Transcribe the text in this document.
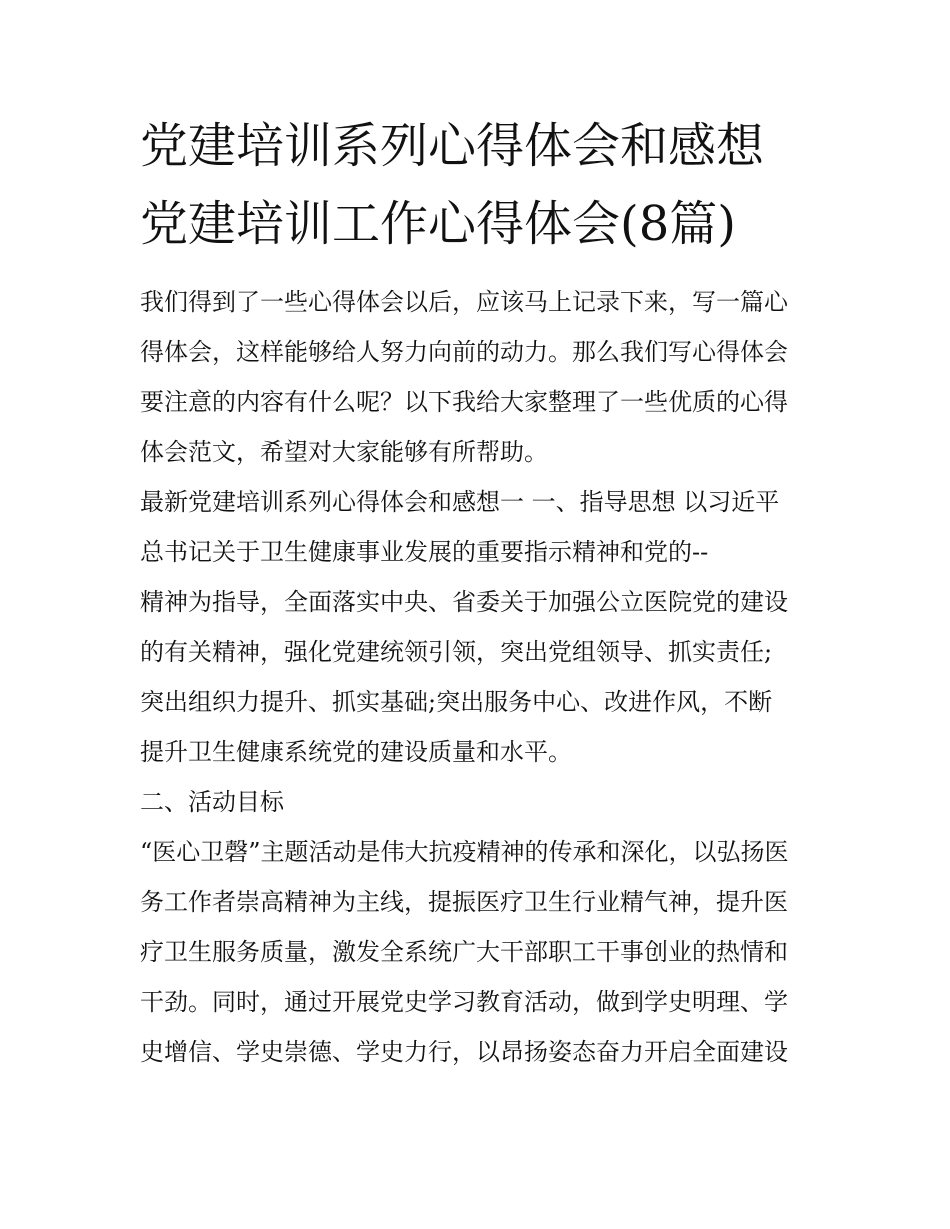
党建培训系列心得体会和感想
党建培训工作心得体会(8篇)
我们得到了一些心得体会以后，应该马上记录下来，写一篇心
得体会，这样能够给人努力向前的动力。那么我们写心得体会
要注意的内容有什么呢？以下我给大家整理了一些优质的心得
体会范文，希望对大家能够有所帮助。
最新党建培训系列心得体会和感想一 一、指导思想 以习近平
总书记关于卫生健康事业发展的重要指示精神和党的--
精神为指导，全面落实中央、省委关于加强公立医院党的建设
的有关精神，强化党建统领引领，突出党组领导、抓实责任;
突出组织力提升、抓实基础;突出服务中心、改进作风，不断
提升卫生健康系统党的建设质量和水平。
二、活动目标
“医心卫磬”主题活动是伟大抗疫精神的传承和深化，以弘扬医
务工作者崇高精神为主线，提振医疗卫生行业精气神，提升医
疗卫生服务质量，激发全系统广大干部职工干事创业的热情和
干劲。同时，通过开展党史学习教育活动，做到学史明理、学
史增信、学史崇德、学史力行，以昂扬姿态奋力开启全面建设
